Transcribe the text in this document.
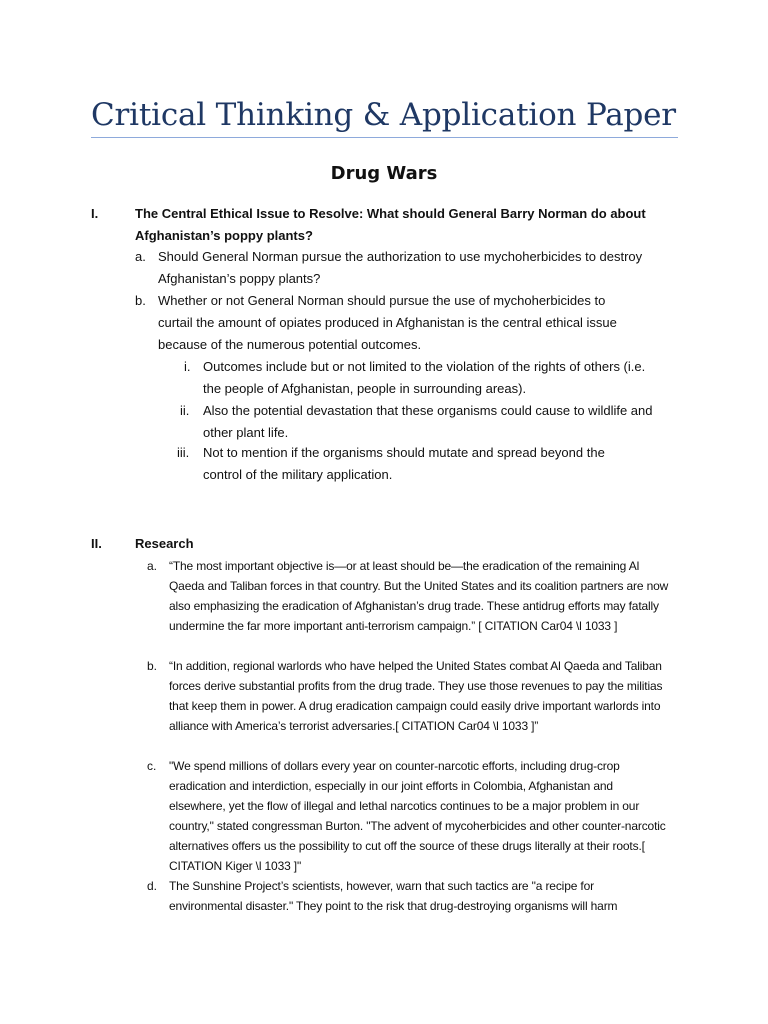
Critical Thinking & Application Paper
Drug Wars
I.	The Central Ethical Issue to Resolve: What should General Barry Norman do about Afghanistan’s poppy plants?
a. Should General Norman pursue the authorization to use mychoherbicides to destroy Afghanistan’s poppy plants?
b. Whether or not General Norman should pursue the use of mychoherbicides to curtail the amount of opiates produced in Afghanistan is the central ethical issue because of the numerous potential outcomes.
i. Outcomes include but or not limited to the violation of the rights of others (i.e. the people of Afghanistan, people in surrounding areas).
ii. Also the potential devastation that these organisms could cause to wildlife and other plant life.
iii. Not to mention if the organisms should mutate and spread beyond the control of the military application.
II.	Research
a. “The most important objective is—or at least should be—the eradication of the remaining Al Qaeda and Taliban forces in that country. But the United States and its coalition partners are now also emphasizing the eradication of Afghanistan’s drug trade. These antidrug efforts may fatally undermine the far more important anti-terrorism campaign.” [ CITATION Car04 \l 1033 ]
b. “In addition, regional warlords who have helped the United States combat Al Qaeda and Taliban forces derive substantial profits from the drug trade. They use those revenues to pay the militias that keep them in power. A drug eradication campaign could easily drive important warlords into alliance with America’s terrorist adversaries.[ CITATION Car04 \l 1033 ]”
c. "We spend millions of dollars every year on counter-narcotic efforts, including drug-crop eradication and interdiction, especially in our joint efforts in Colombia, Afghanistan and elsewhere, yet the flow of illegal and lethal narcotics continues to be a major problem in our country," stated congressman Burton. "The advent of mycoherbicides and other counter-narcotic alternatives offers us the possibility to cut off the source of these drugs literally at their roots.[ CITATION Kiger \l 1033 ]"
d. The Sunshine Project’s scientists, however, warn that such tactics are "a recipe for environmental disaster." They point to the risk that drug-destroying organisms will harm
